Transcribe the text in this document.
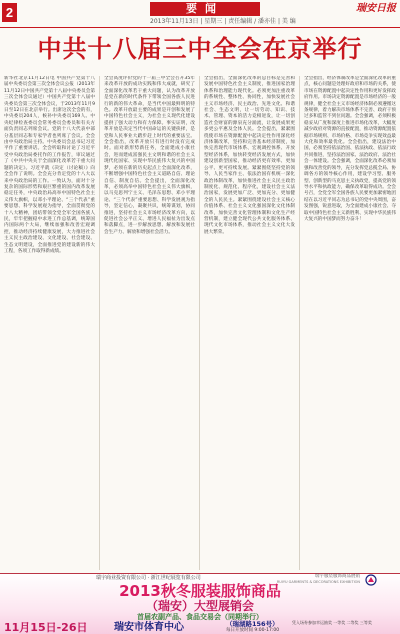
2	要闻
2013年11月13日 | 星期三 | 责任编辑 / 潘亦佳 | 美 编
瑞安日报
中共十八届三中全会在京举行
新华社北京11月12日电 中国共产党第十八届中央委员会第三次全体会议公报（2013年11月12日中国共产党第十八届中央委员会第三次全体会议通过）中国共产党第十八届中央委员会第三次全体会议，于2013年11月9日至12日在北京举行。出席这次全会的有，中央委员204人，候补中央委员169人。中央纪律检查委员会常务委员会委员和有关方面负责同志列席会议。党的十八大代表中部分基层同志和专家学者也列席了会议。全会由中央政治局主持。中央委员会总书记习近平作了重要讲话。全会听取和讨论了习近平受中央政治局委托作的工作报告，审议通过了《中共中央关于全面深化改革若干重大问题的决定》。习近平就《决定（讨论稿）》向全会作了说明。全会充分肯定党的十八大以来中央政治局的工作。一致认为，面对十分复杂的国际形势和艰巨繁重的国内改革发展稳定任务，中央政治局高举中国特色社会主义伟大旗帜，以邓小平理论、“三个代表”重要思想、科学发展观为指导，全面贯彻党的十八大精神，团结带领全党全军全国各族人民，牢牢把握稳中求进工作总基调，统筹国内国际两个大局，继续加强和改善宏观调控，推动经济持续健康发展，大力推进社会主义民主政治建设、文化建设、社会建设、生态文明建设，全面推进党的建设新的伟大工程，各项工作取得新成绩。
全会高度评价党的十一届三中全会召开35年来改革开放的成功实践和伟大成就，研究了全面深化改革若干重大问题，认为改革开放是党在新的时代条件下带领全国各族人民进行的新的伟大革命，是当代中国最鲜明的特色。改革开放最主要的成果是开创和发展了中国特色社会主义，为社会主义现代化建设提供了强大动力和有力保障。事实证明，改革开放是决定当代中国命运的关键抉择，是党和人民事业大踏步赶上时代的重要法宝。全会指出，改革开放只有进行时没有完成时。面对新形势新任务，全面建成小康社会，进而建成富强民主文明和谐的社会主义现代化国家、实现中华民族伟大复兴的中国梦，必须在新的历史起点上全面深化改革，不断增强中国特色社会主义道路自信、理论自信、制度自信。全会提出，全面深化改革，必须高举中国特色社会主义伟大旗帜，以马克思列宁主义、毛泽东思想、邓小平理论、“三个代表”重要思想、科学发展观为指导，坚定信心，凝聚共识，统筹谋划，协同推进，坚持社会主义市场经济改革方向，以促进社会公平正义、增进人民福祉为出发点和落脚点，进一步解放思想、解放和发展社会生产力、解放和增强社会活力。
全会指出，全面深化改革的总目标是完善和发展中国特色社会主义制度，推进国家治理体系和治理能力现代化。必须更加注重改革的系统性、整体性、协同性，加快发展社会主义市场经济、民主政治、先进文化、和谐社会、生态文明，让一切劳动、知识、技术、管理、资本的活力竞相迸发，让一切创造社会财富的源泉充分涌流，让发展成果更多更公平惠及全体人民。全会提出，紧紧围绕使市场在资源配置中起决定性作用深化经济体制改革，坚持和完善基本经济制度，加快完善现代市场体系、宏观调控体系、开放型经济体系，加快转变经济发展方式，加快建设创新型国家，推动经济更有效率、更加公平、更可持续发展。紧紧围绕坚持党的领导、人民当家作主、依法治国有机统一深化政治体制改革，加快推进社会主义民主政治制度化、规范化、程序化，建设社会主义法治国家，发展更加广泛、更加充分、更加健全的人民民主。紧紧围绕建设社会主义核心价值体系、社会主义文化强国深化文化体制改革，加快完善文化管理体制和文化生产经营机制，建立健全现代公共文化服务体系、现代文化市场体系，推动社会主义文化大发展大繁荣。
全会指出，经济体制改革是全面深化改革的重点，核心问题是处理好政府和市场的关系，使市场在资源配置中起决定性作用和更好发挥政府作用。市场决定资源配置是市场经济的一般规律，健全社会主义市场经济体制必须遵循这条规律，着力解决市场体系不完善、政府干预过多和监管不到位问题。全会强调，必须积极稳妥从广度和深度上推进市场化改革，大幅度减少政府对资源的直接配置，推动资源配置依据市场规则、市场价格、市场竞争实现效益最大化和效率最优化。全会指出，建设法治中国，必须坚持依法治国、依法执政、依法行政共同推进，坚持法治国家、法治政府、法治社会一体建设。全会强调，全面深化改革必须加强和改善党的领导，充分发挥党总揽全局、协调各方的领导核心作用，建设学习型、服务型、创新型的马克思主义执政党，提高党的领导水平和执政能力，确保改革取得成功。全会号召，全党全军全国各族人民要更加紧密地团结在以习近平同志为总书记的党中央周围，奋发图强，锐意进取，为全面建成小康社会、夺取中国特色社会主义新胜利、实现中华民族伟大复兴的中国梦而努力奋斗！
瑞宇商业投资有限公司 · 浙江世纪展览有限公司	瑞宇服装服饰商品展销
RUIYU GARMENTS & DECORATIONS EXHIBITION
2013秋冬服装服饰商品
（瑞安）大型展销会
首届农副产品、食品交易会（同期举行）
11月15日-26日	瑞安市体育中心	（瑞湖路156号）
每日开放时间 9:00-17:00
凭入场券参加幸运抽奖 一等奖 二等奖 三等奖
